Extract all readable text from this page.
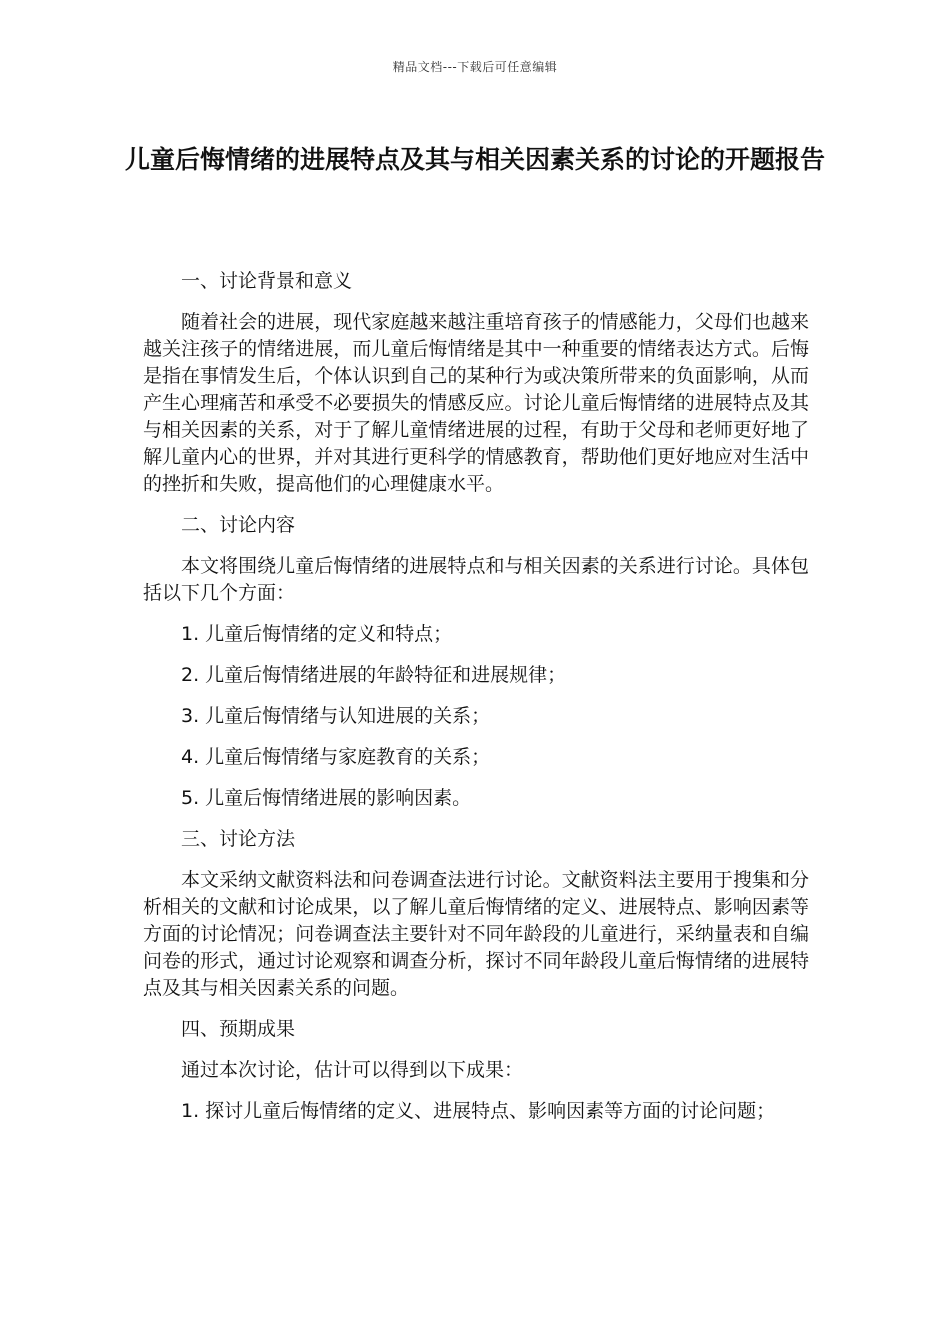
精品文档---下载后可任意编辑
儿童后悔情绪的进展特点及其与相关因素关系的讨论的开题报告

一、讨论背景和意义

随着社会的进展，现代家庭越来越注重培育孩子的情感能力，父母们也越来越关注孩子的情绪进展，而儿童后悔情绪是其中一种重要的情绪表达方式。后悔是指在事情发生后，个体认识到自己的某种行为或决策所带来的负面影响，从而产生心理痛苦和承受不必要损失的情感反应。讨论儿童后悔情绪的进展特点及其与相关因素的关系，对于了解儿童情绪进展的过程，有助于父母和老师更好地了解儿童内心的世界，并对其进行更科学的情感教育，帮助他们更好地应对生活中的挫折和失败，提高他们的心理健康水平。

二、讨论内容

本文将围绕儿童后悔情绪的进展特点和与相关因素的关系进行讨论。具体包括以下几个方面：

1. 儿童后悔情绪的定义和特点；

2. 儿童后悔情绪进展的年龄特征和进展规律；

3. 儿童后悔情绪与认知进展的关系；

4. 儿童后悔情绪与家庭教育的关系；

5. 儿童后悔情绪进展的影响因素。

三、讨论方法

本文采纳文献资料法和问卷调查法进行讨论。文献资料法主要用于搜集和分析相关的文献和讨论成果，以了解儿童后悔情绪的定义、进展特点、影响因素等方面的讨论情况；问卷调查法主要针对不同年龄段的儿童进行，采纳量表和自编问卷的形式，通过讨论观察和调查分析，探讨不同年龄段儿童后悔情绪的进展特点及其与相关因素关系的问题。

四、预期成果

通过本次讨论，估计可以得到以下成果：

1. 探讨儿童后悔情绪的定义、进展特点、影响因素等方面的讨论问题；
